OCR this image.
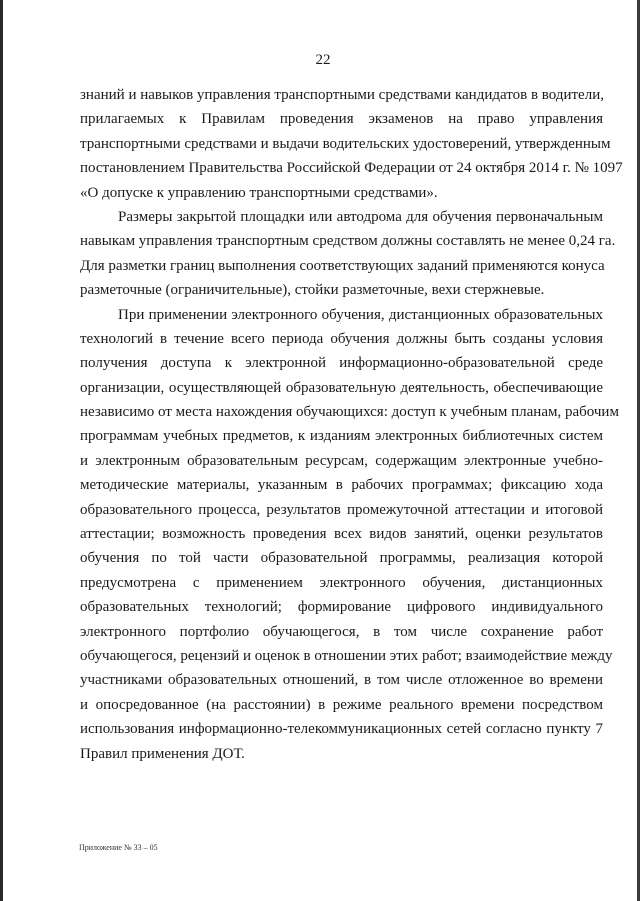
22
знаний и навыков управления транспортными средствами кандидатов в водители,
прилагаемых к Правилам проведения экзаменов на право управления
транспортными средствами и выдачи водительских удостоверений, утвержденным
постановлением Правительства Российской Федерации от 24 октября 2014 г. № 1097
«О допуске к управлению транспортными средствами».
Размеры закрытой площадки или автодрома для обучения первоначальным
навыкам управления транспортным средством должны составлять не менее 0,24 га.
Для разметки границ выполнения соответствующих заданий применяются конуса
разметочные (ограничительные), стойки разметочные, вехи стержневые.
При применении электронного обучения, дистанционных образовательных
технологий в течение всего периода обучения должны быть созданы условия
получения доступа к электронной информационно-образовательной среде
организации, осуществляющей образовательную деятельность, обеспечивающие
независимо от места нахождения обучающихся: доступ к учебным планам, рабочим
программам учебных предметов, к изданиям электронных библиотечных систем
и электронным образовательным ресурсам, содержащим электронные учебно-
методические материалы, указанным в рабочих программах; фиксацию хода
образовательного процесса, результатов промежуточной аттестации и итоговой
аттестации; возможность проведения всех видов занятий, оценки результатов
обучения по той части образовательной программы, реализация которой
предусмотрена с применением электронного обучения, дистанционных
образовательных технологий; формирование цифрового индивидуального
электронного портфолио обучающегося, в том числе сохранение работ
обучающегося, рецензий и оценок в отношении этих работ; взаимодействие между
участниками образовательных отношений, в том числе отложенное во времени
и опосредованное (на расстоянии) в режиме реального времени посредством
использования информационно-телекоммуникационных сетей согласно пункту 7
Правил применения ДОТ.
Приложение № 33 – 05
